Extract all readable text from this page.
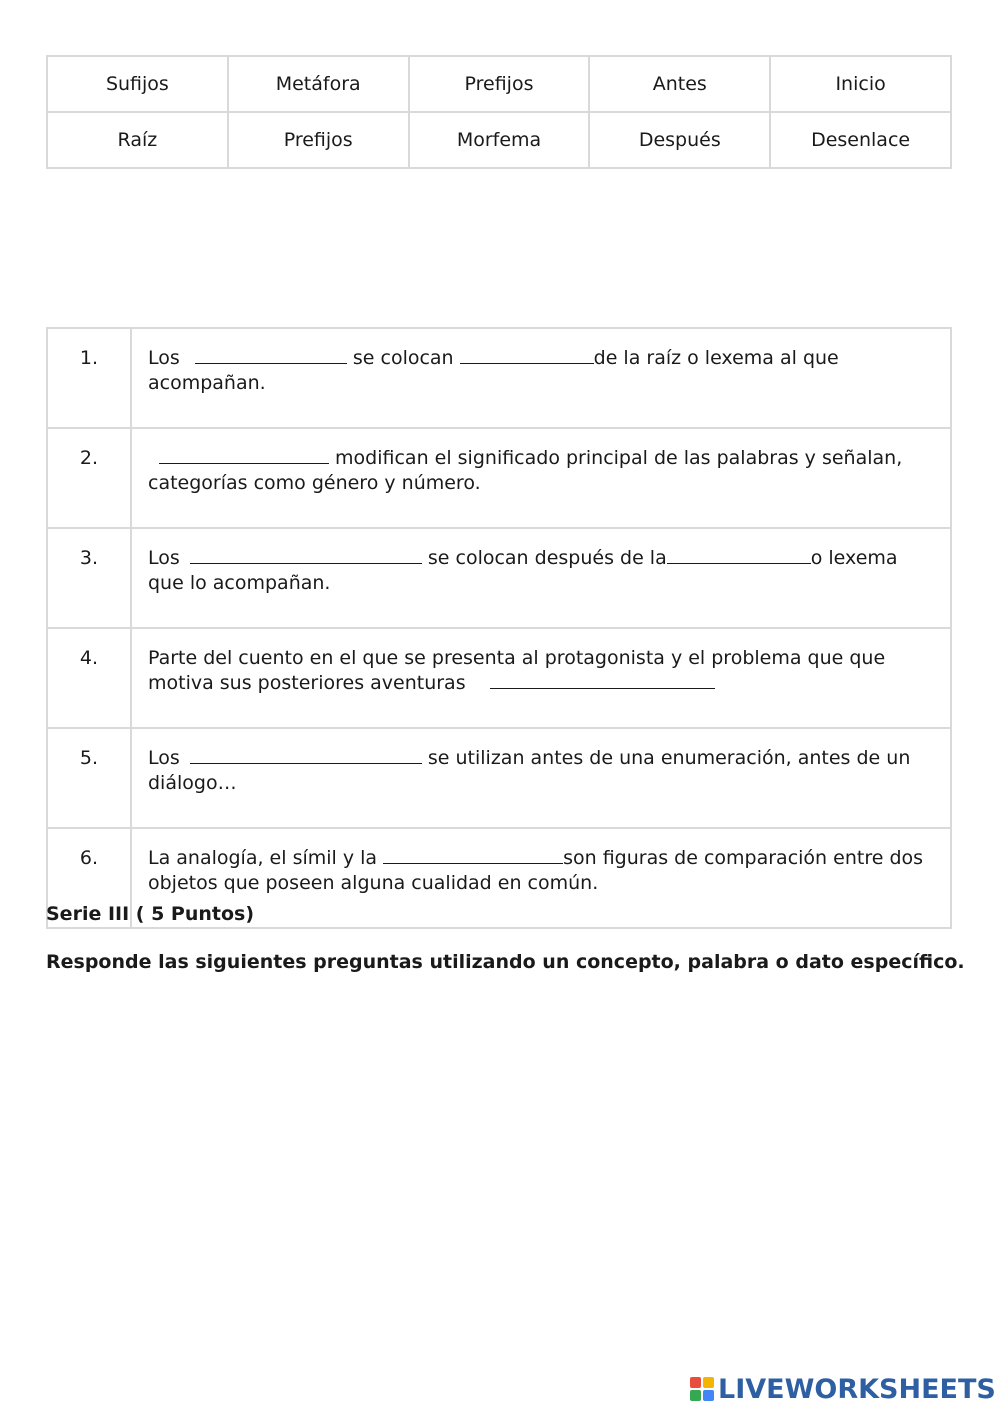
Sufijos	Metáfora	Prefijos	Antes	Inicio
Raíz	Prefijos	Morfema	Después	Desenlace
1.	Los se colocan de la raíz o lexema al que acompañan.
2.	modifican el significado principal de las palabras y señalan, categorías como género y número.
3.	Los se colocan después de la o lexema que lo acompañan.
4.	Parte del cuento en el que se presenta al protagonista y el problema que que motiva sus posteriores aventuras
5.	Los se utilizan antes de una enumeración, antes de un diálogo…
6.	La analogía, el símil y la son figuras de comparación entre dos objetos que poseen alguna cualidad en común.
Serie III ( 5 Puntos)
Responde las siguientes preguntas utilizando un concepto, palabra o dato específico.
LIVEWORKSHEETS
